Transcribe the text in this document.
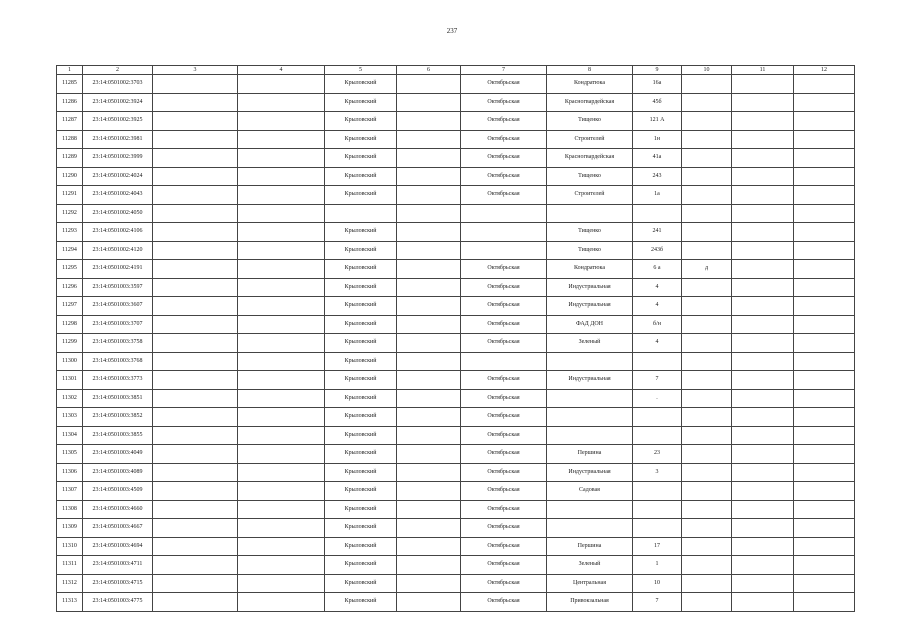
237
1	2	3	4	5	6	7	8	9	10	11	12
11285	23:14:0501002:3703			Крыловский		Октябрьская	Кондратюка	16а			
11286	23:14:0501002:3924			Крыловский		Октябрьская	Красногвардейская	45б			
11287	23:14:0501002:3925			Крыловский		Октябрьская	Тищенко	121 А			
11288	23:14:0501002:3981			Крыловский		Октябрьская	Строителей	1н			
11289	23:14:0501002:3999			Крыловский		Октябрьская	Красногвардейская	41а			
11290	23:14:0501002:4024			Крыловский		Октябрьская	Тищенко	243			
11291	23:14:0501002:4043			Крыловский		Октябрьская	Строителей	1а			
11292	23:14:0501002:4050										
11293	23:14:0501002:4106			Крыловский			Тищенко	241			
11294	23:14:0501002:4120			Крыловский			Тищенко	243б			
11295	23:14:0501002:4191			Крыловский		Октябрьская	Кондратюка	6 а	д		
11296	23:14:0501003:3597			Крыловский		Октябрьская	Индустриальная	4			
11297	23:14:0501003:3607			Крыловский		Октябрьская	Индустриальная	4			
11298	23:14:0501003:3707			Крыловский		Октябрьская	ФАД ДОН	б/н			
11299	23:14:0501003:3758			Крыловский		Октябрьская	Зеленый	4			
11300	23:14:0501003:3768			Крыловский							
11301	23:14:0501003:3773			Крыловский		Октябрьская	Индустриальная	7			
11302	23:14:0501003:3851			Крыловский		Октябрьская		.			
11303	23:14:0501003:3852			Крыловский		Октябрьская					
11304	23:14:0501003:3855			Крыловский		Октябрьская					
11305	23:14:0501003:4049			Крыловский		Октябрьская	Першина	23			
11306	23:14:0501003:4089			Крыловский		Октябрьская	Индустриальная	3			
11307	23:14:0501003:4509			Крыловский		Октябрьская	Садовая				
11308	23:14:0501003:4660			Крыловский		Октябрьская					
11309	23:14:0501003:4667			Крыловский		Октябрьская					
11310	23:14:0501003:4694			Крыловский		Октябрьская	Першина	17			
11311	23:14:0501003:4711			Крыловский		Октябрьская	Зеленый	1			
11312	23:14:0501003:4715			Крыловский		Октябрьская	Центральная	10			
11313	23:14:0501003:4775			Крыловский		Октябрьская	Привокзальная	7			
